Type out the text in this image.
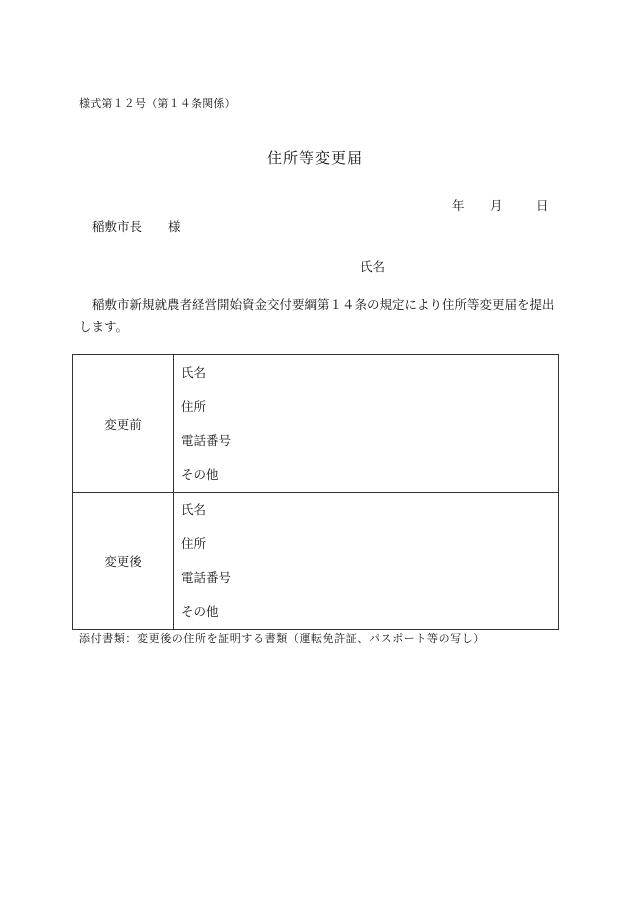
様式第１２号（第１４条関係）
住所等変更届
年 月	日
稲敷市長 様
氏名
稲敷市新規就農者経営開始資金交付要綱第１４条の規定により住所等変更届を提出します。
変更前	氏名
住所
電話番号
その他

変更後	氏名
住所
電話番号
その他
添付書類：変更後の住所を証明する書類（運転免許証、パスポート等の写し）
